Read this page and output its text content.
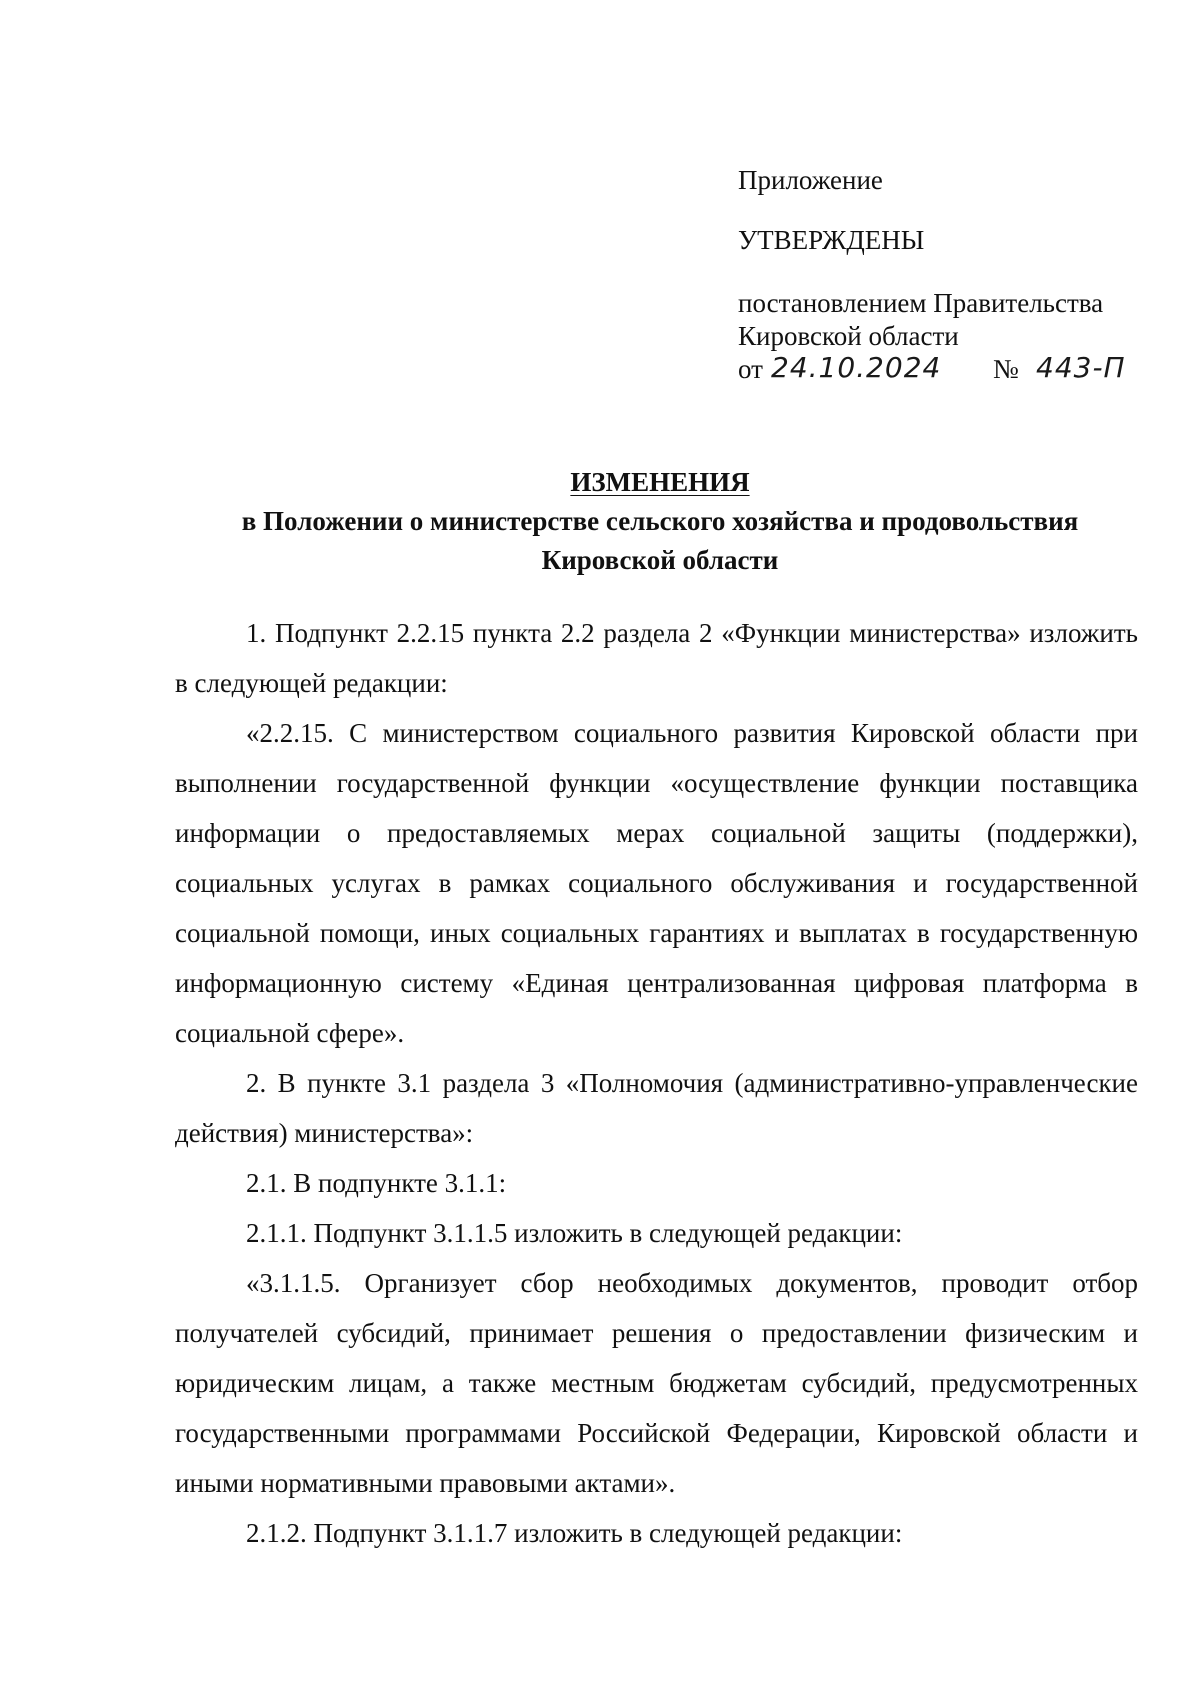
Приложение
УТВЕРЖДЕНЫ
постановлением Правительства
Кировской области
от 24.10.2024 № 443-П
ИЗМЕНЕНИЯ
в Положении о министерстве сельского хозяйства и продовольствия
Кировской области

1. Подпункт 2.2.15 пункта 2.2 раздела 2 «Функции министерства» изложить в следующей редакции:

«2.2.15. С министерством социального развития Кировской области при выполнении государственной функции «осуществление функции поставщика информации о предоставляемых мерах социальной защиты (поддержки), социальных услугах в рамках социального обслуживания и государственной социальной помощи, иных социальных гарантиях и выплатах в государственную информационную систему «Единая централизованная цифровая платформа в социальной сфере».

2. В пункте 3.1 раздела 3 «Полномочия (административно-управленческие действия) министерства»:

2.1. В подпункте 3.1.1:

2.1.1. Подпункт 3.1.1.5 изложить в следующей редакции:

«3.1.1.5. Организует сбор необходимых документов, проводит отбор получателей субсидий, принимает решения о предоставлении физическим и юридическим лицам, а также местным бюджетам субсидий, предусмотренных государственными программами Российской Федерации, Кировской области и иными нормативными правовыми актами».

2.1.2. Подпункт 3.1.1.7 изложить в следующей редакции:
